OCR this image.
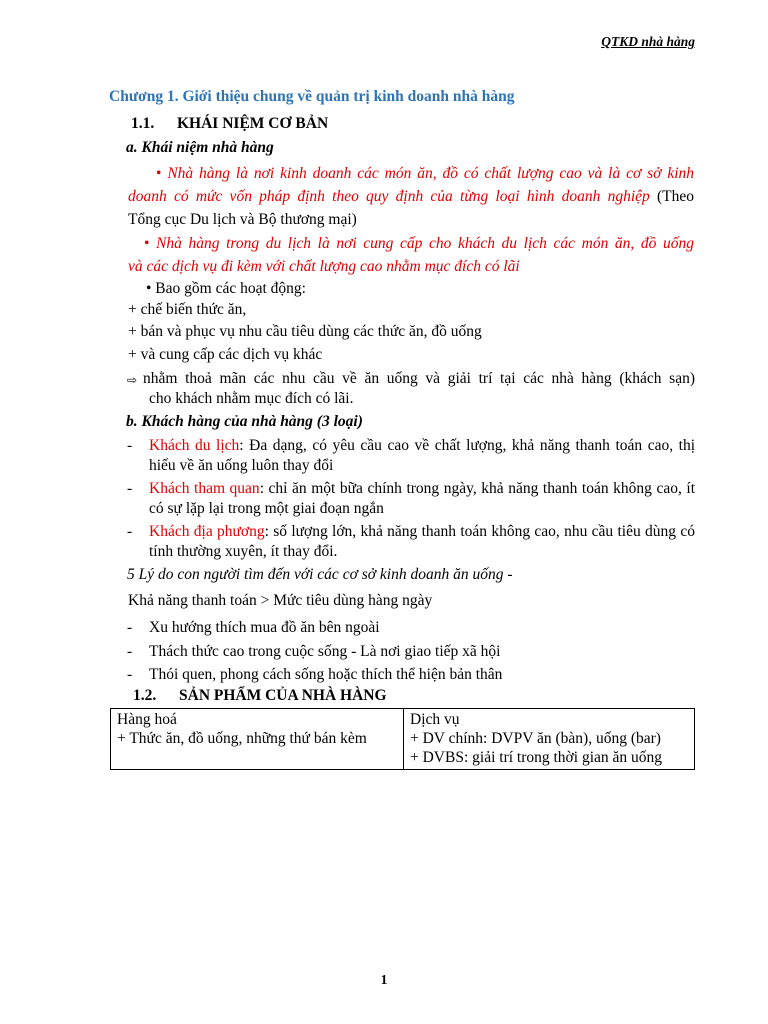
QTKD nhà hàng
Chương 1. Giới thiệu chung về quản trị kinh doanh nhà hàng
1.1. KHÁI NIỆM CƠ BẢN
a. Khái niệm nhà hàng
• Nhà hàng là nơi kinh doanh các món ăn, đồ có chất lượng cao và là cơ sở kinh
doanh có mức vốn pháp định theo quy định của từng loại hình doanh nghiệp (Theo
Tổng cục Du lịch và Bộ thương mại)
• Nhà hàng trong du lịch là nơi cung cấp cho khách du lịch các món ăn, đồ uống
và các dịch vụ đi kèm với chất lượng cao nhằm mục đích có lãi
• Bao gồm các hoạt động:
+ chế biến thức ăn,
+ bán và phục vụ nhu cầu tiêu dùng các thức ăn, đồ uống
+ và cung cấp các dịch vụ khác
⇨ nhằm thoả mãn các nhu cầu về ăn uống và giải trí tại các nhà hàng (khách sạn)
cho khách nhằm mục đích có lãi.
b. Khách hàng của nhà hàng (3 loại)
-	Khách du lịch: Đa dạng, có yêu cầu cao về chất lượng, khả năng thanh toán cao, thị hiếu về ăn uống luôn thay đổi
-	Khách tham quan: chỉ ăn một bữa chính trong ngày, khả năng thanh toán không cao, ít có sự lặp lại trong một giai đoạn ngắn
-	Khách địa phương: số lượng lớn, khả năng thanh toán không cao, nhu cầu tiêu dùng có tính thường xuyên, ít thay đổi.
5 Lý do con người tìm đến với các cơ sở kinh doanh ăn uống -
Khả năng thanh toán > Mức tiêu dùng hàng ngày
-	Xu hướng thích mua đồ ăn bên ngoài
-	Thách thức cao trong cuộc sống - Là nơi giao tiếp xã hội
-	Thói quen, phong cách sống hoặc thích thể hiện bản thân
1.2. SẢN PHẨM CỦA NHÀ HÀNG
Hàng hoá
+ Thức ăn, đồ uống, những thứ bán kèm

Dịch vụ
+ DV chính: DVPV ăn (bàn), uống (bar)
+ DVBS: giải trí trong thời gian ăn uống
1
